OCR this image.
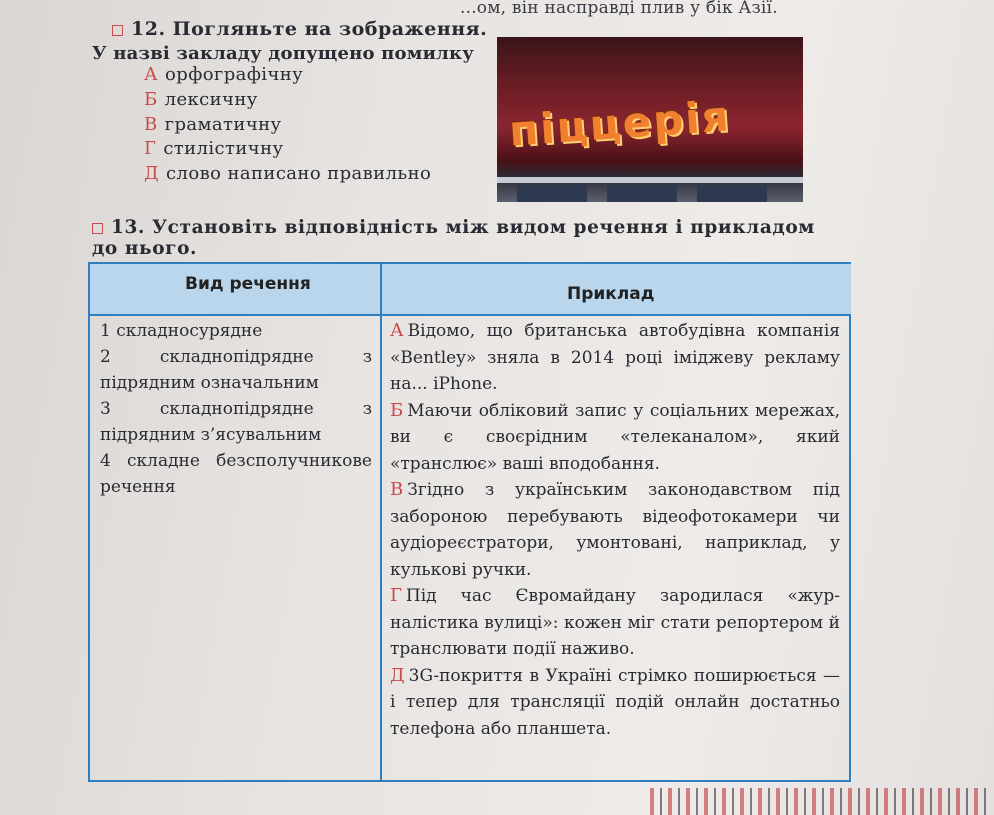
...ом, він насправді плив у бік Азії.
12. Погляньте на зображення.
У назві закладу допущено помилку
А орфографічну
Б лексичну
В граматичну
Г стилістичну
Д слово написано правильно
піццерія
13. Установіть відповідність між видом речення і прикладом до нього.
Вид речення	Приклад
1 складносурядне
2 складнопідрядне з підрядним означальним
3 складнопідрядне з підрядним з’ясувальним
4 складне безсполучникове речення
А Відомо, що британська автобудівна компанія «Bentley» зняла в 2014 році іміджеву рекламу на... iPhone.
Б Маючи обліковий запис у соціальних мережах, ви є своєрідним «телеканалом», який «транслює» ваші вподобання.
В Згідно з українським законодавством під забороною перебувають відеофотокамери чи аудіореєстратори, умонтовані, наприклад, у кулькові ручки.
Г Під час Євромайдану зародилася «журналістика вулиці»: кожен міг стати репортером й транслювати події наживо.
Д 3G-покриття в Україні стрімко поширюється — і тепер для трансляції подій онлайн достатньо телефона або планшета.
